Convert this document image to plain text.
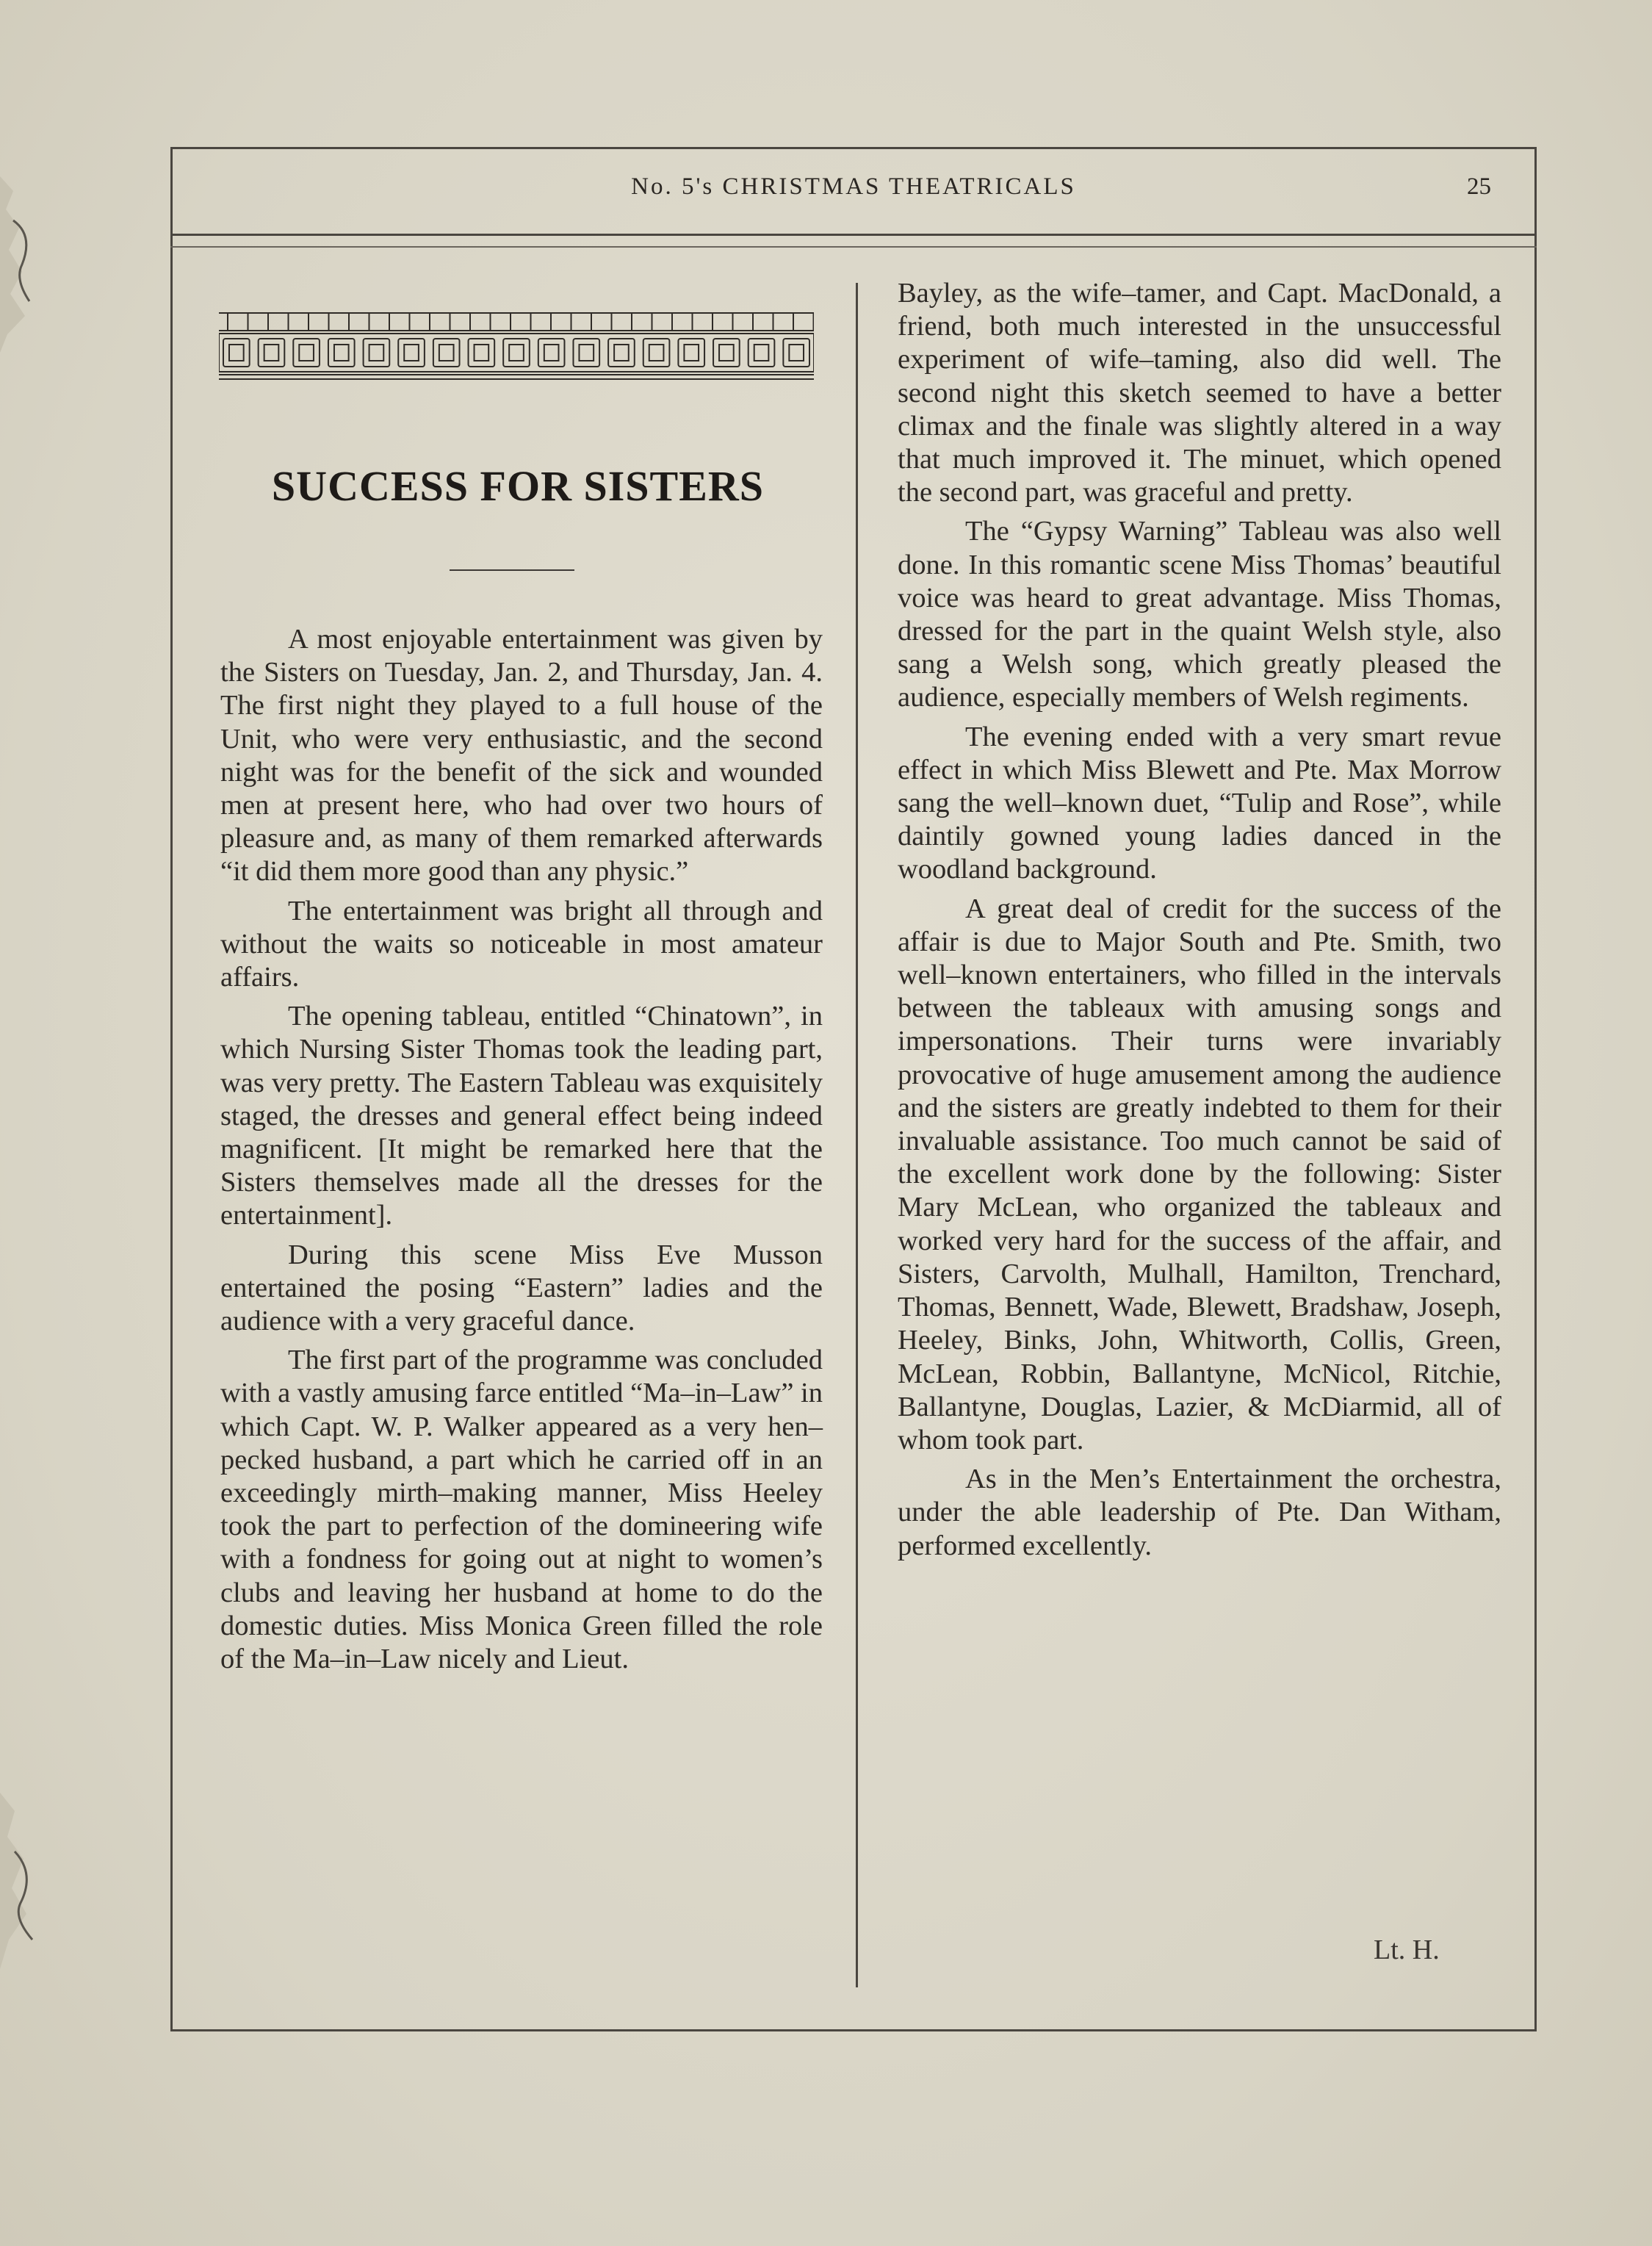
No. 5's CHRISTMAS THEATRICALS	25
SUCCESS FOR SISTERS

A most enjoyable entertainment was given by the Sisters on Tuesday, Jan. 2, and Thursday, Jan. 4. The first night they played to a full house of the Unit, who were very enthusiastic, and the second night was for the benefit of the sick and wounded men at present here, who had over two hours of pleasure and, as many of them remarked afterwards “it did them more good than any physic.”

The entertainment was bright all through and without the waits so noticeable in most amateur affairs.

The opening tableau, entitled “Chinatown”, in which Nursing Sister Thomas took the leading part, was very pretty. The Eastern Tableau was exquisitely staged, the dresses and general effect being indeed magnificent. [It might be remarked here that the Sisters themselves made all the dresses for the entertainment].

During this scene Miss Eve Musson entertained the posing “Eastern” ladies and the audience with a very graceful dance.

The first part of the programme was concluded with a vastly amusing farce entitled “Ma–in–Law” in which Capt. W. P. Walker appeared as a very hen–pecked husband, a part which he carried off in an exceedingly mirth–making manner, Miss Heeley took the part to perfection of the domineering wife with a fondness for going out at night to women’s clubs and leaving her husband at home to do the domestic duties. Miss Monica Green filled the role of the Ma–in–Law nicely and Lieut.

Bayley, as the wife–tamer, and Capt. MacDonald, a friend, both much interested in the unsuccessful experiment of wife–taming, also did well. The second night this sketch seemed to have a better climax and the finale was slightly altered in a way that much improved it. The minuet, which opened the second part, was graceful and pretty.

The “Gypsy Warning” Tableau was also well done. In this romantic scene Miss Thomas’ beautiful voice was heard to great advantage. Miss Thomas, dressed for the part in the quaint Welsh style, also sang a Welsh song, which greatly pleased the audience, especially members of Welsh regiments.

The evening ended with a very smart revue effect in which Miss Blewett and Pte. Max Morrow sang the well–known duet, “Tulip and Rose”, while daintily gowned young ladies danced in the woodland background.

A great deal of credit for the success of the affair is due to Major South and Pte. Smith, two well–known entertainers, who filled in the intervals between the tableaux with amusing songs and impersonations. Their turns were invariably provocative of huge amusement among the audience and the sisters are greatly indebted to them for their invaluable assistance. Too much cannot be said of the excellent work done by the following: Sister Mary McLean, who organized the tableaux and worked very hard for the success of the affair, and Sisters, Carvolth, Mulhall, Hamilton, Trenchard, Thomas, Bennett, Wade, Blewett, Bradshaw, Joseph, Heeley, Binks, John, Whitworth, Collis, Green, McLean, Robbin, Ballantyne, McNicol, Ritchie, Ballantyne, Douglas, Lazier, & McDiarmid, all of whom took part.

As in the Men’s Entertainment the orchestra, under the able leadership of Pte. Dan Witham, performed excellently.

Lt. H.
